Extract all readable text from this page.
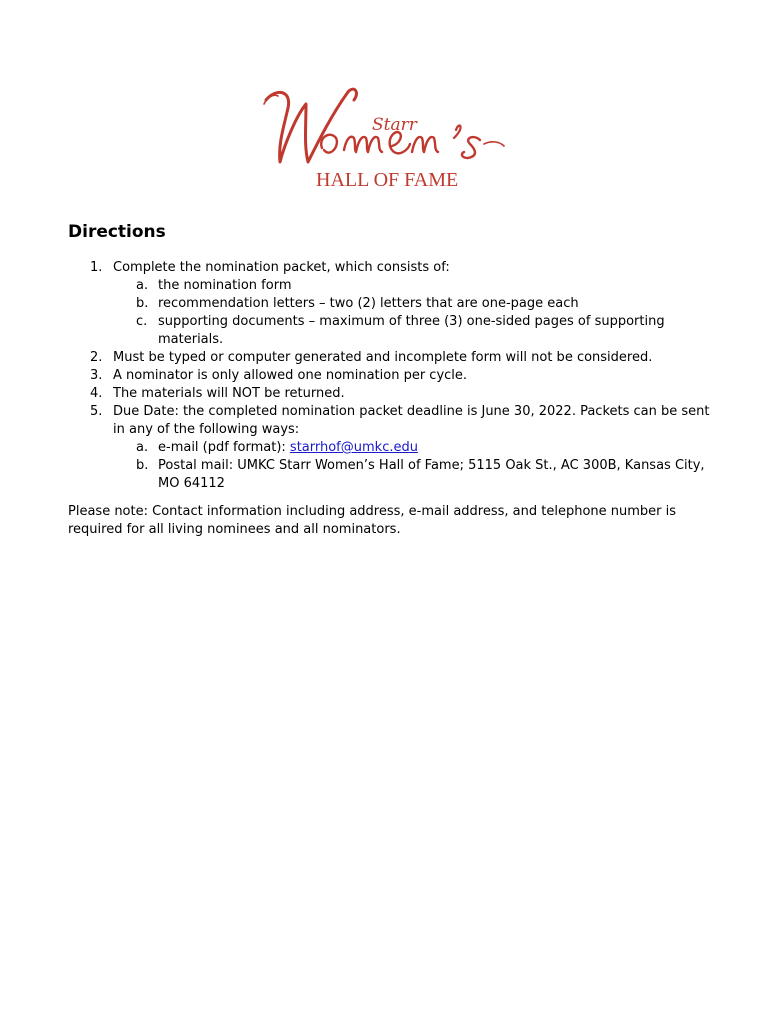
Starr
HALL OF FAME
Women's
Directions
Complete the nomination packet, which consists of:
the nomination form
recommendation letters – two (2) letters that are one-page each
supporting documents – maximum of three (3) one-sided pages of supporting materials.
Must be typed or computer generated and incomplete form will not be considered.
A nominator is only allowed one nomination per cycle.
The materials will NOT be returned.
Due Date: the completed nomination packet deadline is June 30, 2022. Packets can be sent in any of the following ways:
e-mail (pdf format): starrhof@umkc.edu
Postal mail: UMKC Starr Women’s Hall of Fame; 5115 Oak St., AC 300B, Kansas City, MO 64112

Please note: Contact information including address, e-mail address, and telephone number is required for all living nominees and all nominators.
